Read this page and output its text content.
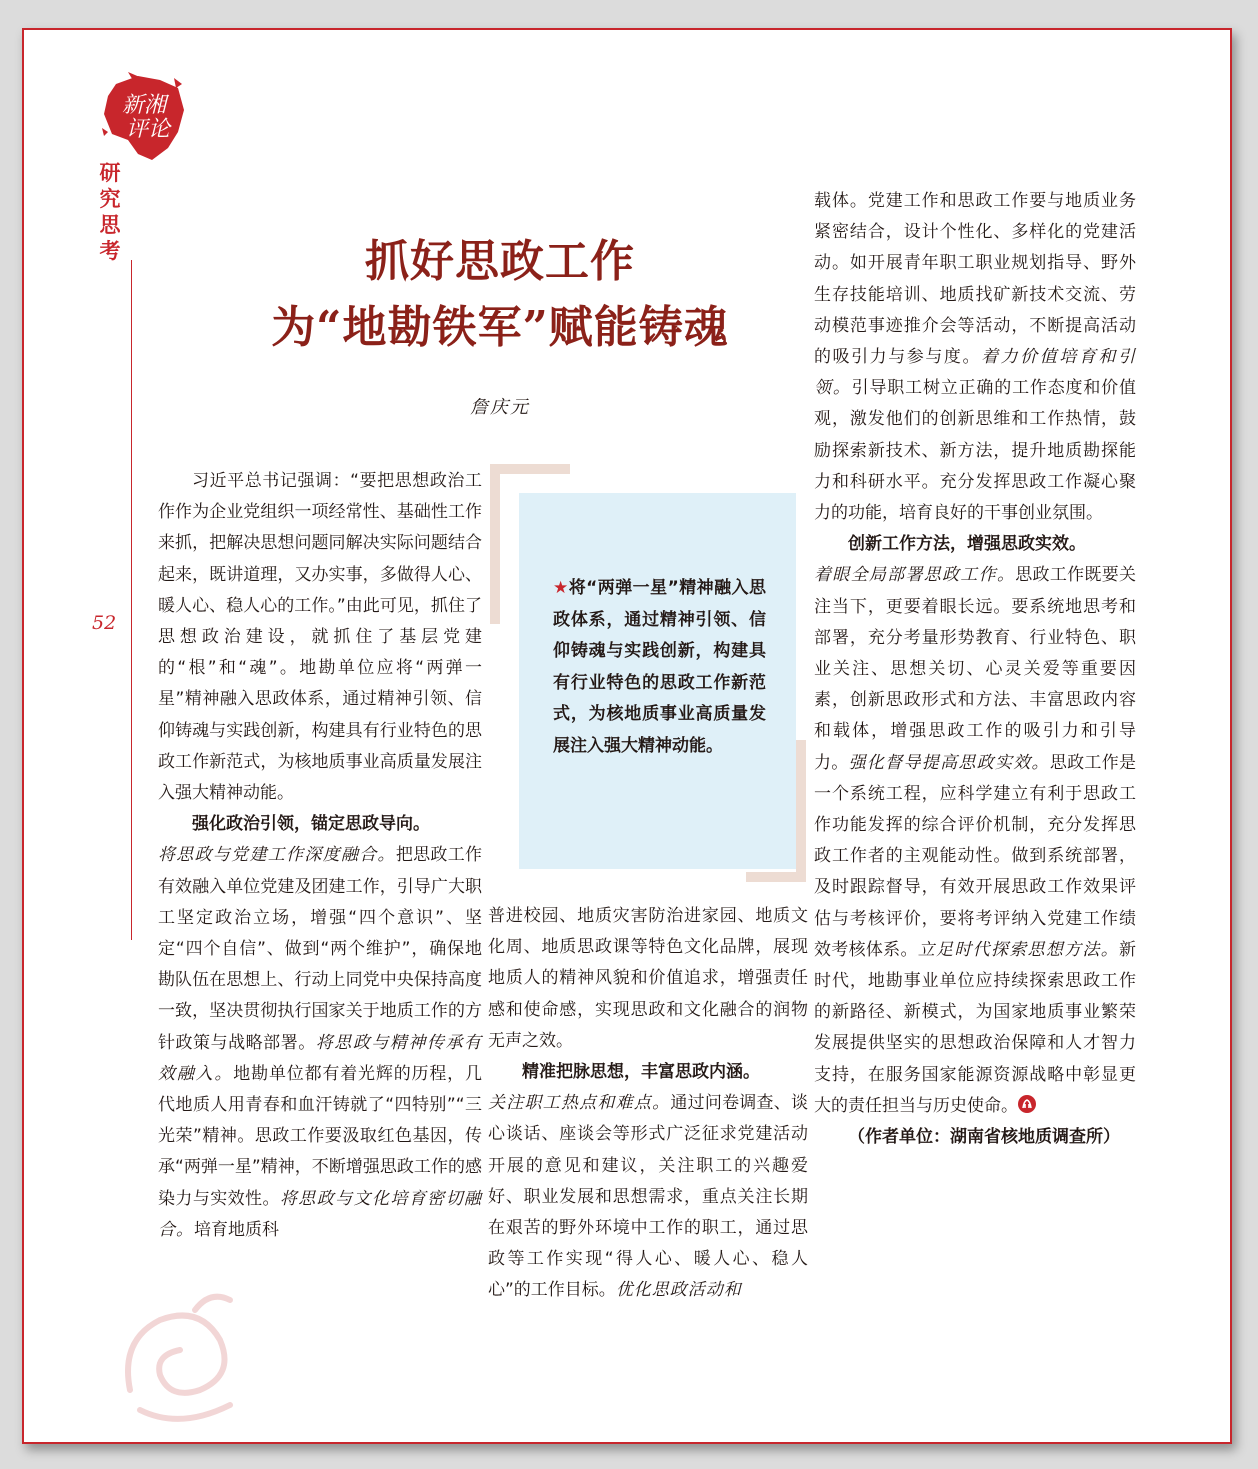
新湘
评论
研究思考
52
抓好思政工作
为“地勘铁军”赋能铸魂
詹庆元

习近平总书记强调：“要把思想政治工作作为企业党组织一项经常性、基础性工作来抓，把解决思想问题同解决实际问题结合起来，既讲道理，又办实事，多做得人心、暖人心、稳人心的工作。”由此可见，抓住了思想政治建设，就抓住了基层党建的“根”和“魂”。地勘单位应将“两弹一星”精神融入思政体系，通过精神引领、信仰铸魂与实践创新，构建具有行业特色的思政工作新范式，为核地质事业高质量发展注入强大精神动能。

强化政治引领，锚定思政导向。

将思政与党建工作深度融合。把思政工作有效融入单位党建及团建工作，引导广大职工坚定政治立场，增强“四个意识”、坚定“四个自信”、做到“两个维护”，确保地勘队伍在思想上、行动上同党中央保持高度一致，坚决贯彻执行国家关于地质工作的方针政策与战略部署。将思政与精神传承有效融入。地勘单位都有着光辉的历程，几代地质人用青春和血汗铸就了“四特别”“三光荣”精神。思政工作要汲取红色基因，传承“两弹一星”精神，不断增强思政工作的感染力与实效性。将思政与文化培育密切融合。培育地质科

★将“两弹一星”精神融入思政体系，通过精神引领、信仰铸魂与实践创新，构建具有行业特色的思政工作新范式，为核地质事业高质量发展注入强大精神动能。

普进校园、地质灾害防治进家园、地质文化周、地质思政课等特色文化品牌，展现地质人的精神风貌和价值追求，增强责任感和使命感，实现思政和文化融合的润物无声之效。

精准把脉思想，丰富思政内涵。

关注职工热点和难点。通过问卷调查、谈心谈话、座谈会等形式广泛征求党建活动开展的意见和建议，关注职工的兴趣爱好、职业发展和思想需求，重点关注长期在艰苦的野外环境中工作的职工，通过思政等工作实现“得人心、暖人心、稳人心”的工作目标。优化思政活动和

载体。党建工作和思政工作要与地质业务紧密结合，设计个性化、多样化的党建活动。如开展青年职工职业规划指导、野外生存技能培训、地质找矿新技术交流、劳动模范事迹推介会等活动，不断提高活动的吸引力与参与度。着力价值培育和引领。引导职工树立正确的工作态度和价值观，激发他们的创新思维和工作热情，鼓励探索新技术、新方法，提升地质勘探能力和科研水平。充分发挥思政工作凝心聚力的功能，培育良好的干事创业氛围。

创新工作方法，增强思政实效。

着眼全局部署思政工作。思政工作既要关注当下，更要着眼长远。要系统地思考和部署，充分考量形势教育、行业特色、职业关注、思想关切、心灵关爱等重要因素，创新思政形式和方法、丰富思政内容和载体，增强思政工作的吸引力和引导力。强化督导提高思政实效。思政工作是一个系统工程，应科学建立有利于思政工作功能发挥的综合评价机制，充分发挥思政工作者的主观能动性。做到系统部署，及时跟踪督导，有效开展思政工作效果评估与考核评价，要将考评纳入党建工作绩效考核体系。立足时代探索思想方法。新时代，地勘事业单位应持续探索思政工作的新路径、新模式，为国家地质事业繁荣发展提供坚实的思想政治保障和人才智力支持，在服务国家能源资源战略中彰显更大的责任担当与历史使命。

（作者单位：湖南省核地质调查所）
